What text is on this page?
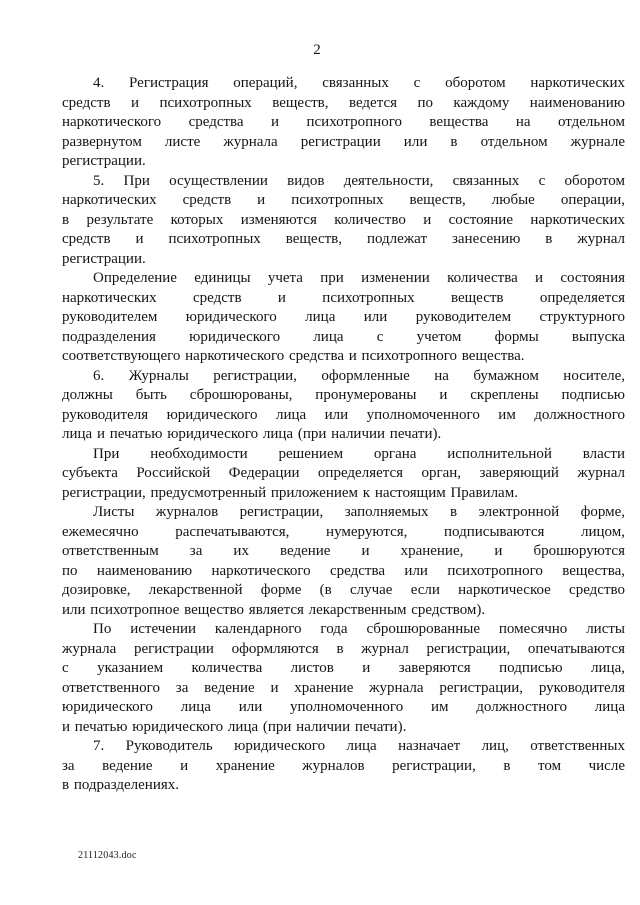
2

4. Регистрация операций, связанных с оборотом наркотических
средств и психотропных веществ, ведется по каждому наименованию
наркотического средства и психотропного вещества на отдельном
развернутом листе журнала регистрации или в отдельном журнале
регистрации.

5. При осуществлении видов деятельности, связанных с оборотом
наркотических средств и психотропных веществ, любые операции,
в результате которых изменяются количество и состояние наркотических
средств и психотропных веществ, подлежат занесению в журнал
регистрации.

Определение единицы учета при изменении количества и состояния
наркотических средств и психотропных веществ определяется
руководителем юридического лица или руководителем структурного
подразделения юридического лица с учетом формы выпуска
соответствующего наркотического средства и психотропного вещества.

6. Журналы регистрации, оформленные на бумажном носителе,
должны быть сброшюрованы, пронумерованы и скреплены подписью
руководителя юридического лица или уполномоченного им должностного
лица и печатью юридического лица (при наличии печати).

При необходимости решением органа исполнительной власти
субъекта Российской Федерации определяется орган, заверяющий журнал
регистрации, предусмотренный приложением к настоящим Правилам.

Листы журналов регистрации, заполняемых в электронной форме,
ежемесячно распечатываются, нумеруются, подписываются лицом,
ответственным за их ведение и хранение, и брошюруются
по наименованию наркотического средства или психотропного вещества,
дозировке, лекарственной форме (в случае если наркотическое средство
или психотропное вещество является лекарственным средством).

По истечении календарного года сброшюрованные помесячно листы
журнала регистрации оформляются в журнал регистрации, опечатываются
с указанием количества листов и заверяются подписью лица,
ответственного за ведение и хранение журнала регистрации, руководителя
юридического лица или уполномоченного им должностного лица
и печатью юридического лица (при наличии печати).

7. Руководитель юридического лица назначает лиц, ответственных
за ведение и хранение журналов регистрации, в том числе
в подразделениях.

21112043.doc
